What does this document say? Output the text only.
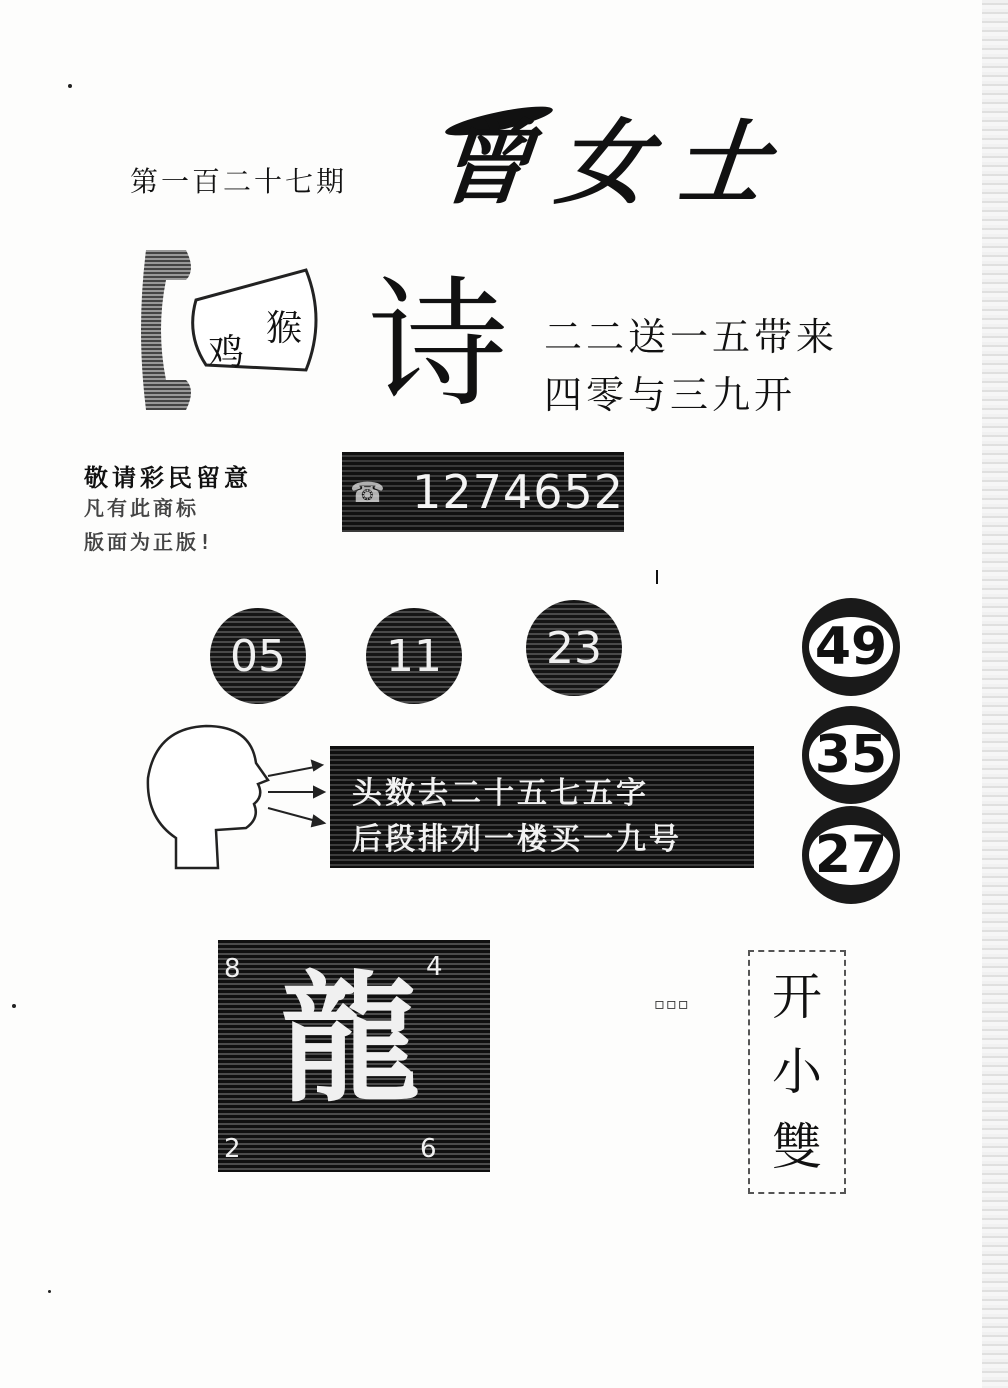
第一百二十七期 曾女士
鸡
猴 诗 二二送一五带来
四零与三九开
敬请彩民留意
凡有此商标
版面为正版!
☎ 1274652
05	11	23	49
35
27
头数去二十五七五字
后段排列一楼买一九号
8	4
龍
2	6
▫▫▫ 开
小
雙
